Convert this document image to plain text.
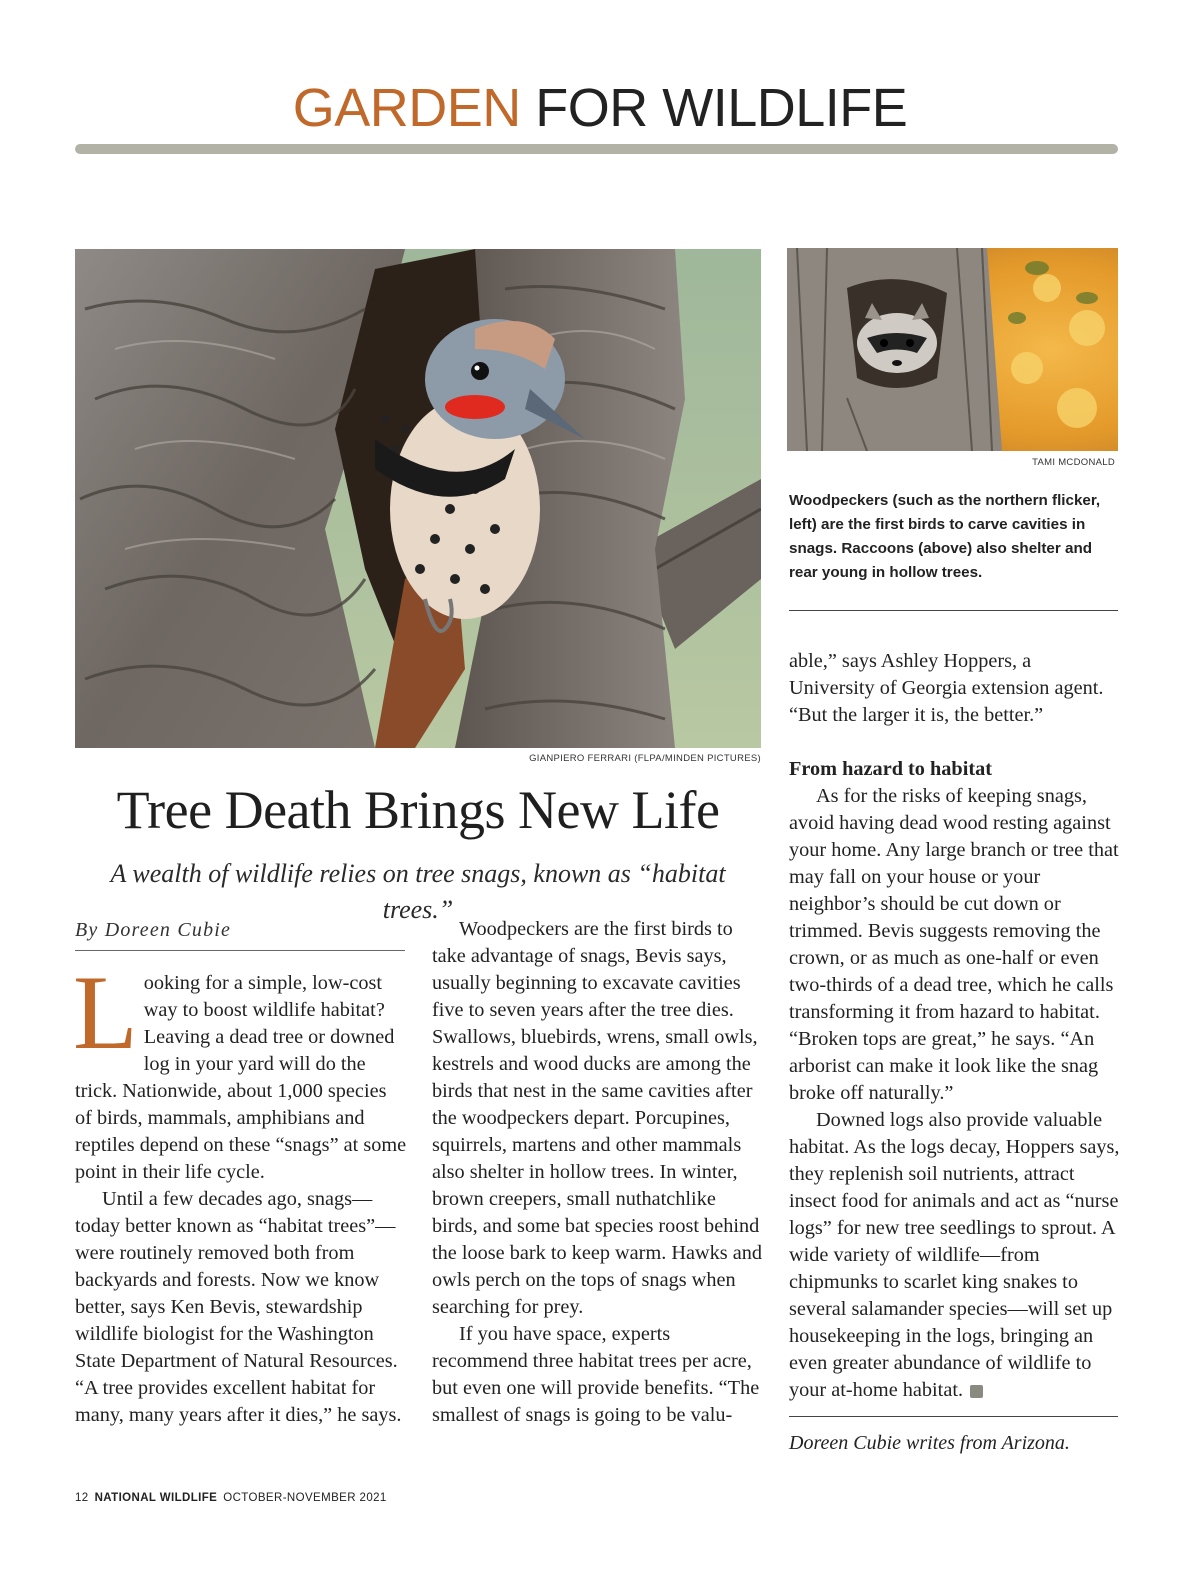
GARDEN FOR WILDLIFE
GIANPIERO FERRARI (FLPA/MINDEN PICTURES)
TAMI MCDONALD
Woodpeckers (such as the northern flicker, left) are the first birds to carve cavities in snags. Raccoons (above) also shelter and rear young in hollow trees.
Tree Death Brings New Life
A wealth of wildlife relies on tree snags, known as “habitat trees.”
By Doreen Cubie

Looking for a simple, low-cost way to boost wildlife habitat? Leaving a dead tree or downed log in your yard will do the trick. Nationwide, about 1,000 species of birds, mammals, amphibians and reptiles depend on these “snags” at some point in their life cycle.

Until a few decades ago, snags—today better known as “habitat trees”—were routinely removed both from backyards and forests. Now we know better, says Ken Bevis, stewardship wildlife biologist for the Washington State Department of Natural Resources. “A tree provides excellent habitat for many, many years after it dies,” he says.

Woodpeckers are the first birds to take advantage of snags, Bevis says, usually beginning to excavate cavities five to seven years after the tree dies. Swallows, bluebirds, wrens, small owls, kestrels and wood ducks are among the birds that nest in the same cavities after the woodpeckers depart. Porcupines, squirrels, martens and other mammals also shelter in hollow trees. In winter, brown creepers, small nuthatchlike birds, and some bat species roost behind the loose bark to keep warm. Hawks and owls perch on the tops of snags when searching for prey.

If you have space, experts recommend three habitat trees per acre, but even one will provide benefits. “The smallest of snags is going to be valu-

able,” says Ashley Hoppers, a University of Georgia extension agent. “But the larger it is, the better.”

From hazard to habitat

As for the risks of keeping snags, avoid having dead wood resting against your home. Any large branch or tree that may fall on your house or your neighbor’s should be cut down or trimmed. Bevis suggests removing the crown, or as much as one-half or even two-thirds of a dead tree, which he calls transforming it from hazard to habitat. “Broken tops are great,” he says. “An arborist can make it look like the snag broke off naturally.”

Downed logs also provide valuable habitat. As the logs decay, Hoppers says, they replenish soil nutrients, attract insect food for animals and act as “nurse logs” for new tree seedlings to sprout. A wide variety of wildlife—from chipmunks to scarlet king snakes to several salamander species—will set up housekeeping in the logs, bringing an even greater abundance of wildlife to your at-home habitat.	W

Doreen Cubie writes from Arizona.
12 NATIONAL WILDLIFE OCTOBER-NOVEMBER 2021
